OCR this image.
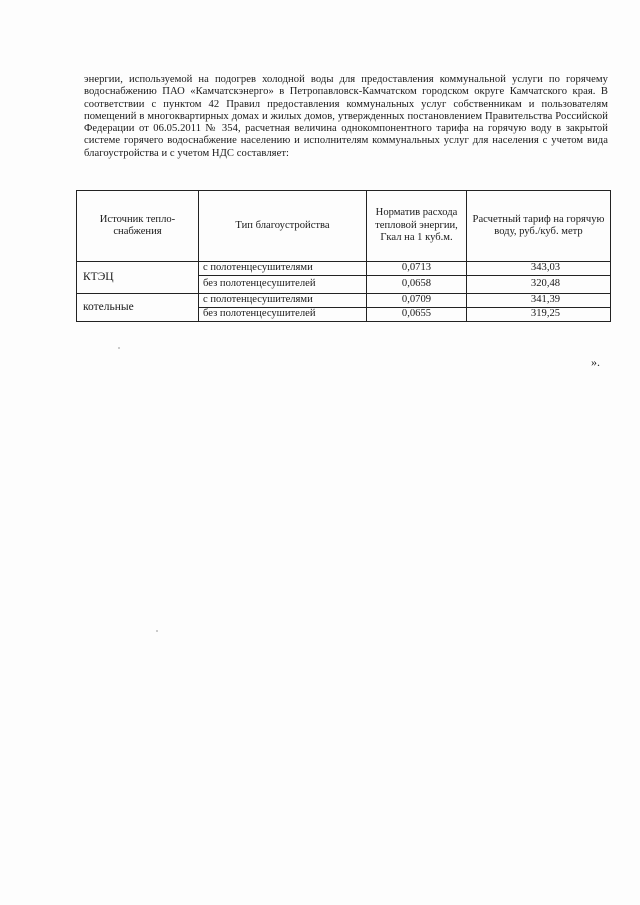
энергии, используемой на подогрев холодной воды для предоставления коммунальной услуги по горячему водоснабжению ПАО «Камчатскэнерго» в Петропавловск-Камчатском городском округе Камчатского края. В соответствии с пунктом 42 Правил предоставления коммунальных услуг собственникам и пользователям помещений в многоквартирных домах и жилых домов, утвержденных постановлением Правительства Российской Федерации от 06.05.2011 № 354, расчетная величина однокомпонентного тарифа на горячую воду в закрытой системе горячего водоснабжение населению и исполнителям коммунальных услуг для населения с учетом вида благоустройства и с учетом НДС составляет:

Источник тепло-снабжения	Тип благоустройства	Норматив расхода тепловой энергии, Гкал на 1 куб.м.	Расчетный тариф на горячую воду, руб./куб. метр
КТЭЦ	с полотенцесушителями	0,0713	343,03
	без полотенцесушителей	0,0658	320,48
котельные	с полотенцесушителями	0,0709	341,39
	без полотенцесушителей	0,0655	319,25

».
